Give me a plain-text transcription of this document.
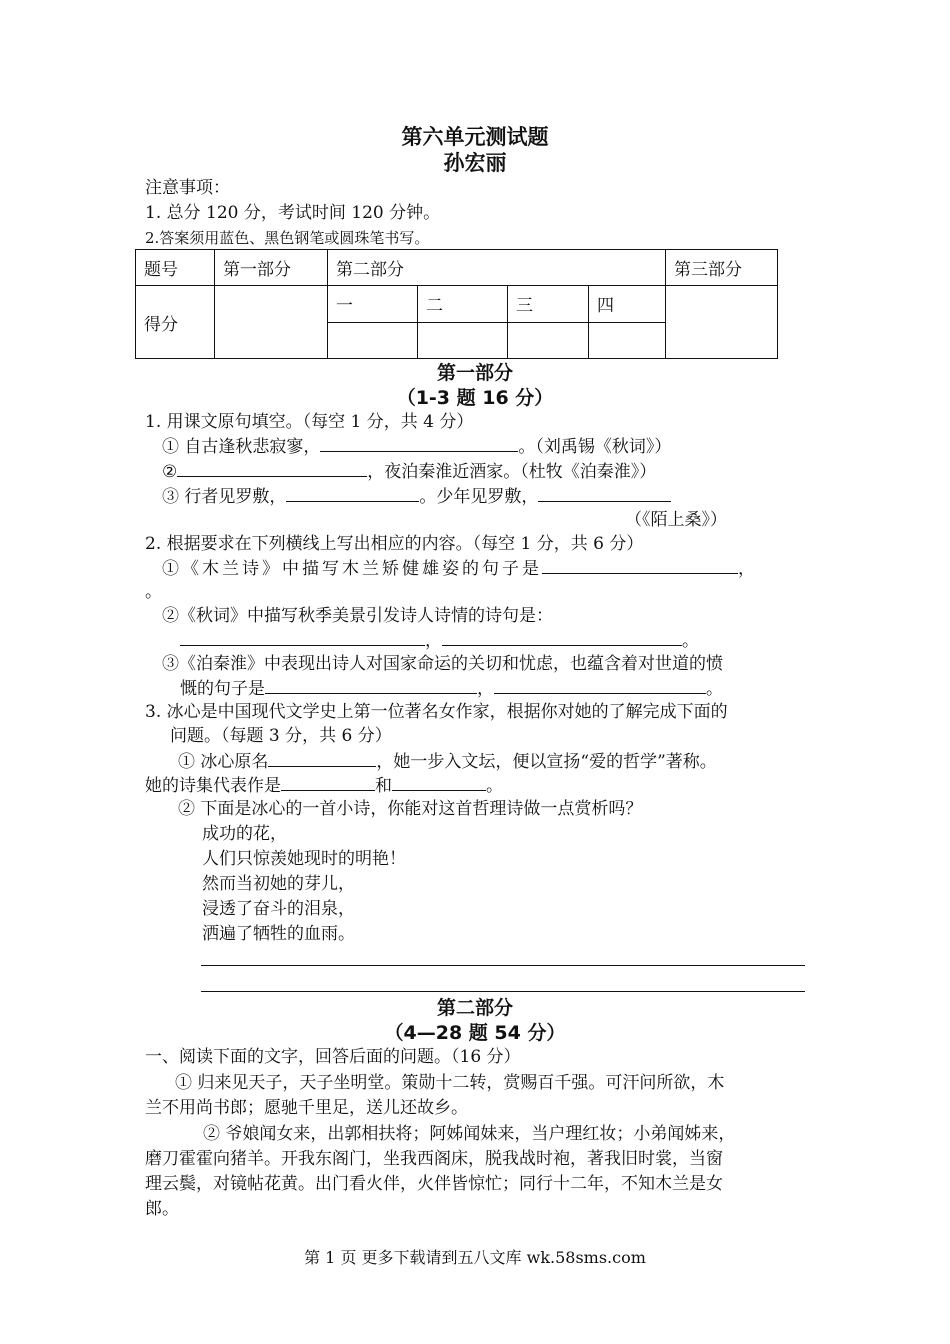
第六单元测试题
孙宏丽
注意事项：
1. 总分 120 分，考试时间 120 分钟。
2.答案须用蓝色、黑色钢笔或圆珠笔书写。
题号	第一部分	第二部分				第三部分
得分		一	二	三	四	

第一部分
（1-3 题 16 分）
1. 用课文原句填空。（每空 1 分，共 4 分）
① 自古逢秋悲寂寥，	。（刘禹锡《秋词》）
②	，夜泊秦淮近酒家。（杜牧《泊秦淮》）
③ 行者见罗敷，	。少年见罗敷，
（《陌上桑》）
2. 根据要求在下列横线上写出相应的内容。（每空 1 分，共 6 分）
①《木兰诗》中描写木兰矫健雄姿的句子是	，
。
②《秋词》中描写秋季美景引发诗人诗情的诗句是：
，	。
③《泊秦淮》中表现出诗人对国家命运的关切和忧虑，也蕴含着对世道的愤
慨的句子是	，	。
3. 冰心是中国现代文学史上第一位著名女作家，根据你对她的了解完成下面的
问题。（每题 3 分，共 6 分）
① 冰心原名	，她一步入文坛，便以宣扬“爱的哲学”著称。
她的诗集代表作是	和	。
② 下面是冰心的一首小诗，你能对这首哲理诗做一点赏析吗？
成功的花，
人们只惊羡她现时的明艳！
然而当初她的芽儿，
浸透了奋斗的泪泉，
洒遍了牺牲的血雨。
第二部分
（4—28 题 54 分）
一、阅读下面的文字，回答后面的问题。（16 分）
① 归来见天子，天子坐明堂。策勋十二转，赏赐百千强。可汗问所欲，木
兰不用尚书郎；愿驰千里足，送儿还故乡。
② 爷娘闻女来，出郭相扶将；阿姊闻妹来，当户理红妆；小弟闻姊来，
磨刀霍霍向猪羊。开我东阁门，坐我西阁床，脱我战时袍，著我旧时裳，当窗
理云鬓，对镜帖花黄。出门看火伴，火伴皆惊忙；同行十二年，不知木兰是女
郎。
第 1 页 更多下载请到五八文库 wk.58sms.com
